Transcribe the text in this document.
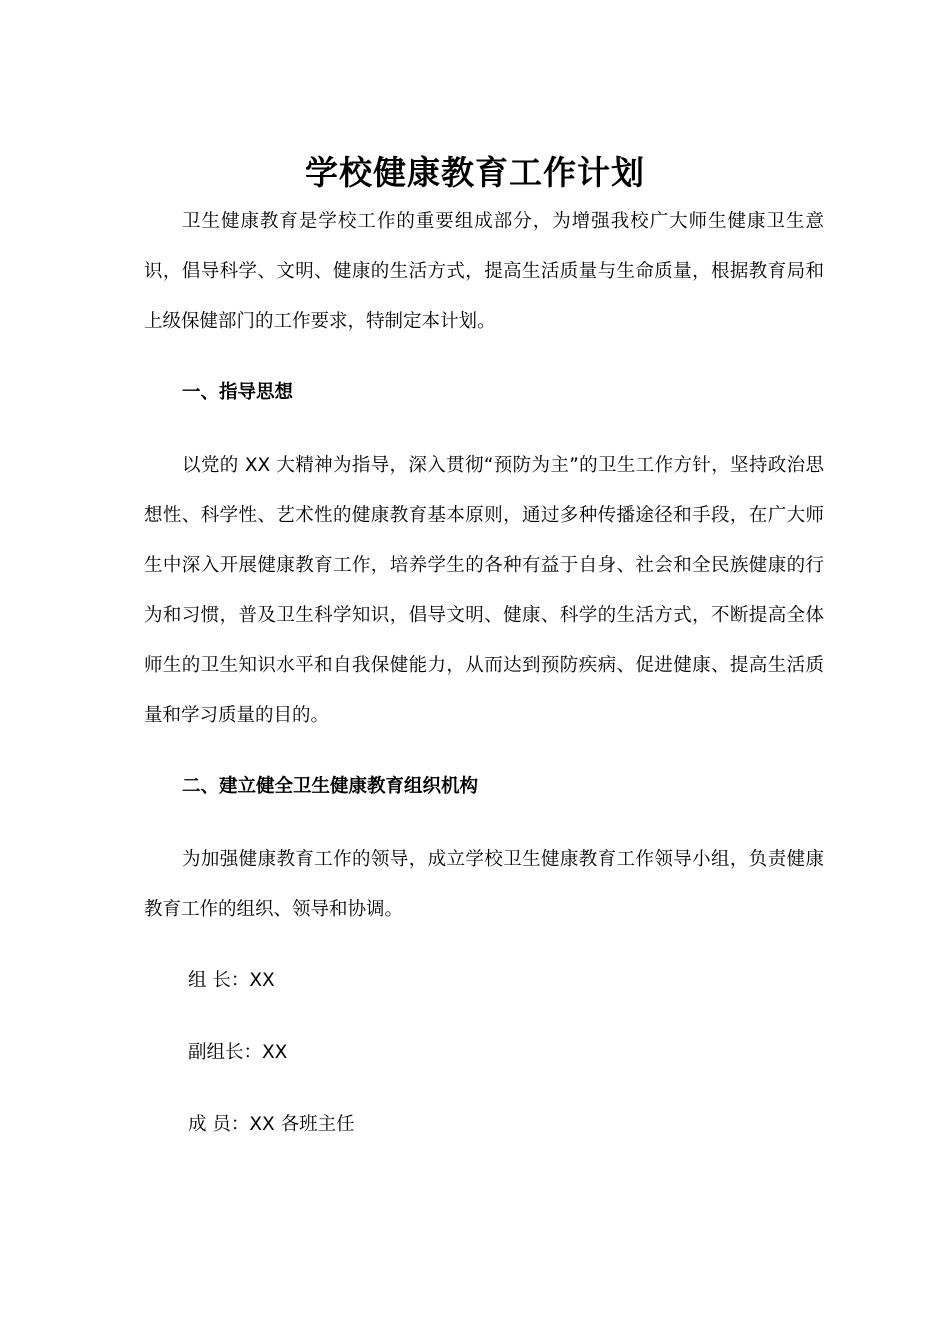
学校健康教育工作计划

卫生健康教育是学校工作的重要组成部分，为增强我校广大师生健康卫生意识，倡导科学、文明、健康的生活方式，提高生活质量与生命质量，根据教育局和上级保健部门的工作要求，特制定本计划。

一、指导思想

以党的 XX 大精神为指导，深入贯彻“预防为主”的卫生工作方针，坚持政治思想性、科学性、艺术性的健康教育基本原则，通过多种传播途径和手段，在广大师生中深入开展健康教育工作，培养学生的各种有益于自身、社会和全民族健康的行为和习惯，普及卫生科学知识，倡导文明、健康、科学的生活方式，不断提高全体师生的卫生知识水平和自我保健能力，从而达到预防疾病、促进健康、提高生活质量和学习质量的目的。

二、建立健全卫生健康教育组织机构

为加强健康教育工作的领导，成立学校卫生健康教育工作领导小组，负责健康教育工作的组织、领导和协调。

组 长：XX

副组长：XX

成 员：XX 各班主任
